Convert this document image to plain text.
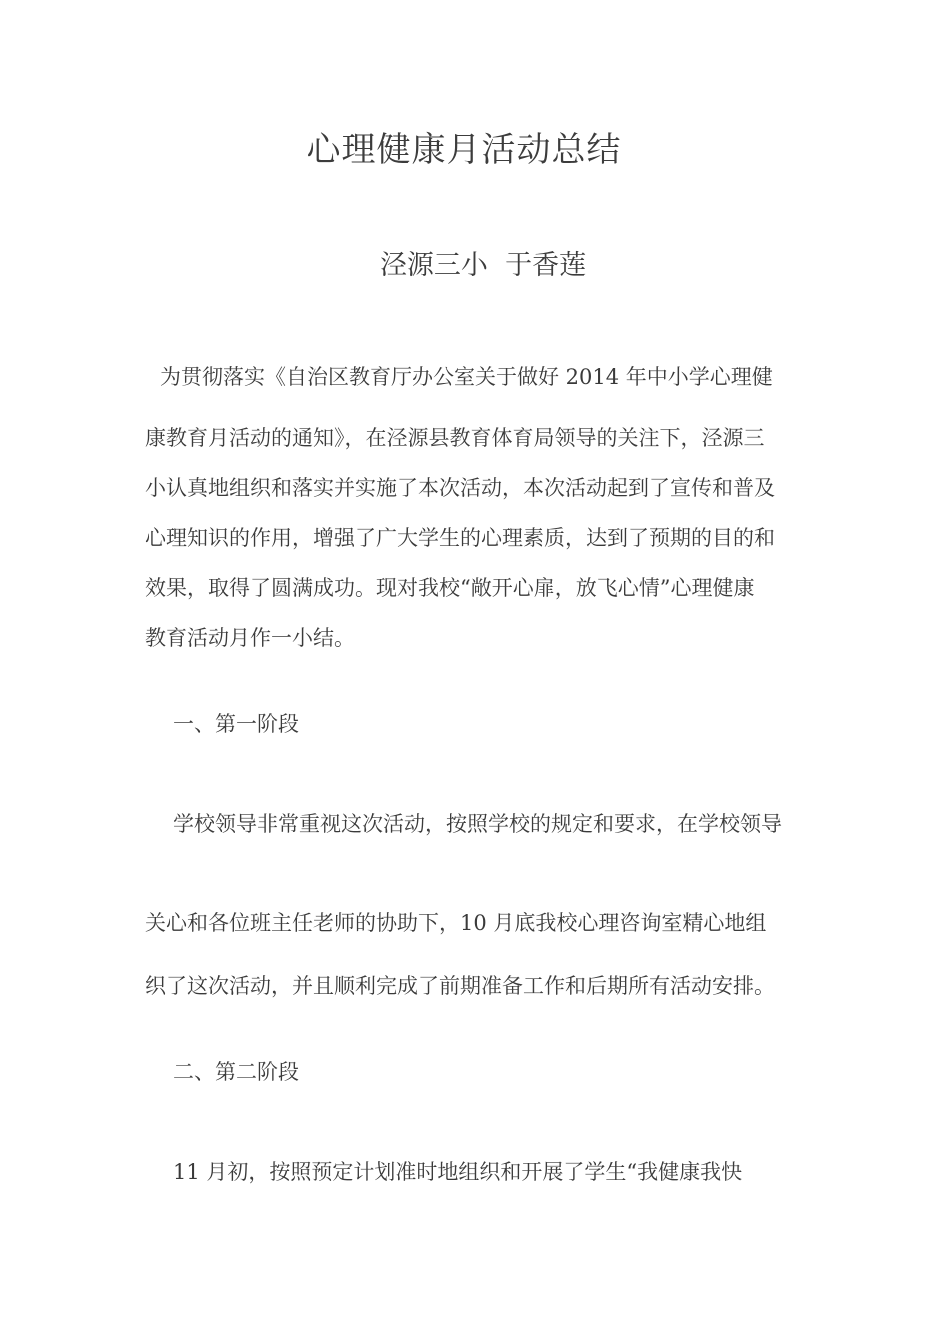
心理健康月活动总结
泾源三小  于香莲
为贯彻落实《自治区教育厅办公室关于做好 2014 年中小学心理健
康教育月活动的通知》，在泾源县教育体育局领导的关注下，泾源三
小认真地组织和落实并实施了本次活动，本次活动起到了宣传和普及
心理知识的作用，增强了广大学生的心理素质，达到了预期的目的和
效果，取得了圆满成功。现对我校“敞开心扉，放飞心情”心理健康
教育活动月作一小结。
一、第一阶段
学校领导非常重视这次活动，按照学校的规定和要求，在学校领导
关心和各位班主任老师的协助下，10 月底我校心理咨询室精心地组
织了这次活动，并且顺利完成了前期准备工作和后期所有活动安排。
二、第二阶段
11 月初，按照预定计划准时地组织和开展了学生“我健康我快
